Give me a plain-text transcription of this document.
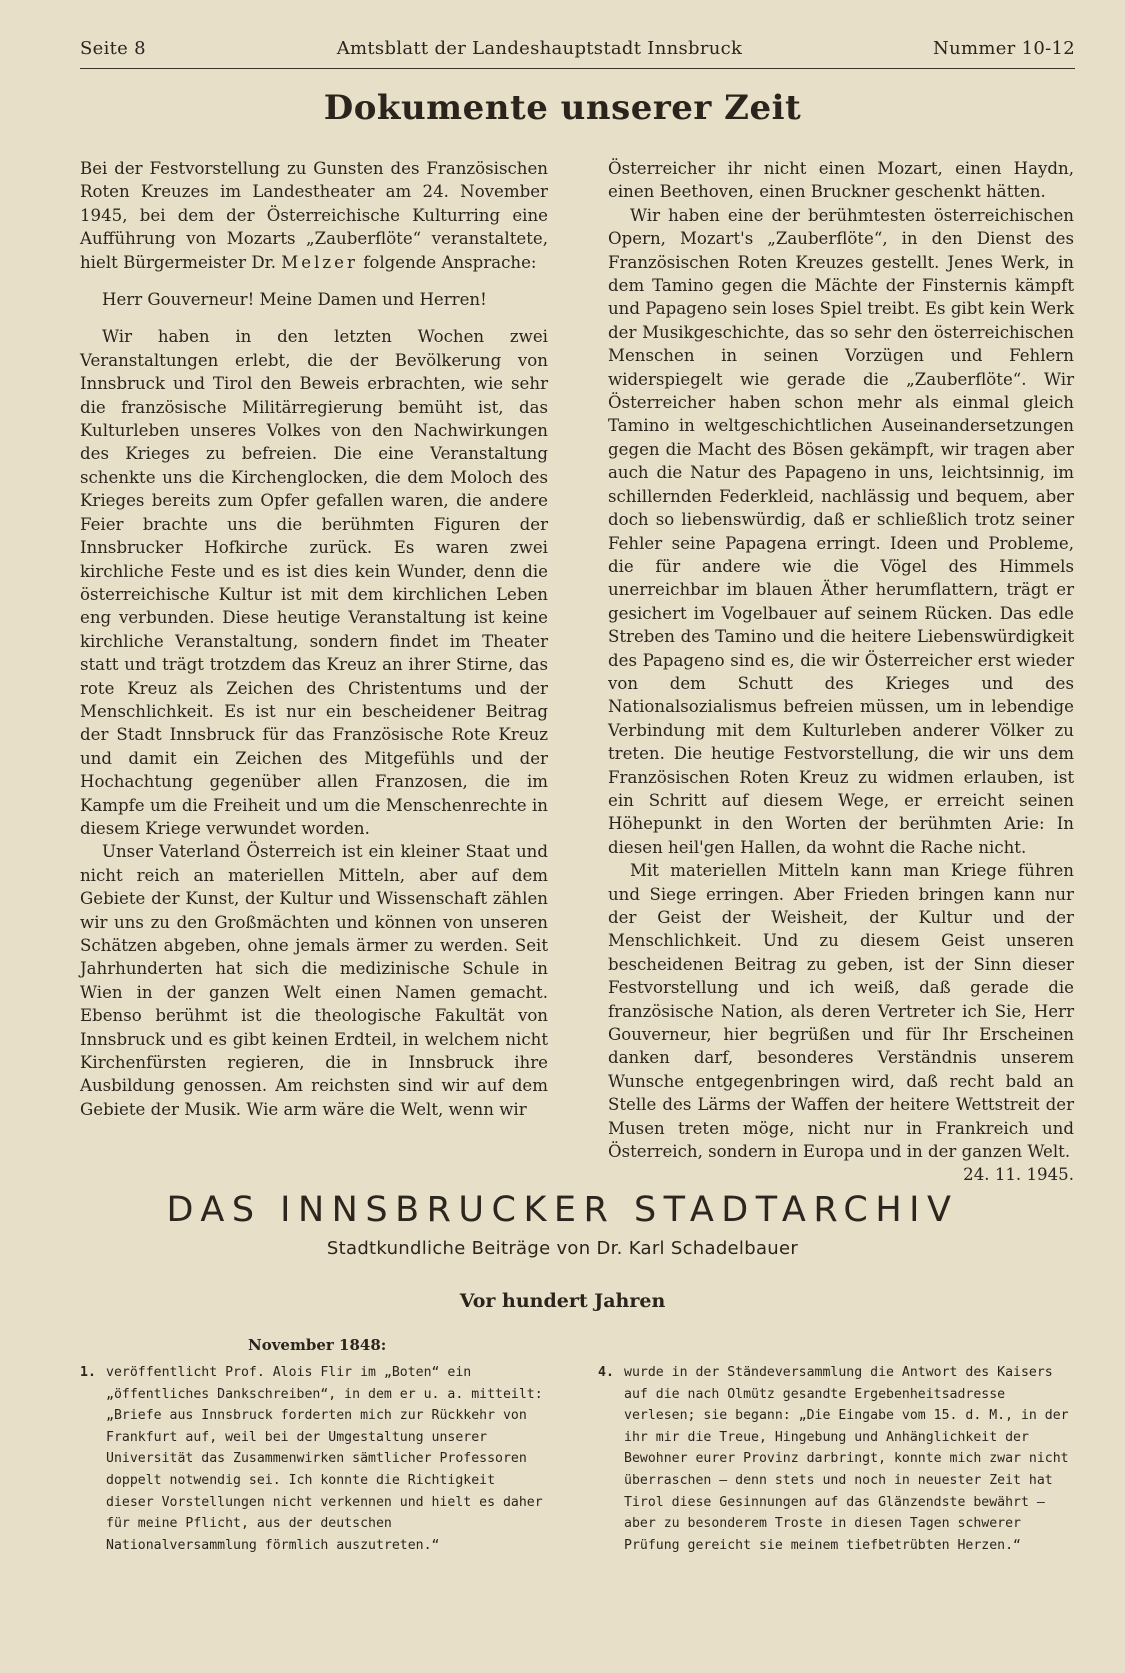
Seite 8	Amtsblatt der Landeshauptstadt Innsbruck	Nummer 10-12
Dokumente unserer Zeit

Bei der Festvorstellung zu Gunsten des Französischen Roten Kreuzes im Landestheater am 24. November 1945, bei dem der Österreichische Kulturring eine Aufführung von Mozarts „Zauberflöte“ veranstaltete, hielt Bürgermeister Dr. Melzer folgende Ansprache:

Herr Gouverneur! Meine Damen und Herren!

Wir haben in den letzten Wochen zwei Veranstaltungen erlebt, die der Bevölkerung von Innsbruck und Tirol den Beweis erbrachten, wie sehr die französische Militärregierung bemüht ist, das Kulturleben unseres Volkes von den Nachwirkungen des Krieges zu befreien. Die eine Veranstaltung schenkte uns die Kirchenglocken, die dem Moloch des Krieges bereits zum Opfer gefallen waren, die andere Feier brachte uns die berühmten Figuren der Innsbrucker Hofkirche zurück. Es waren zwei kirchliche Feste und es ist dies kein Wunder, denn die österreichische Kultur ist mit dem kirchlichen Leben eng verbunden. Diese heutige Veranstaltung ist keine kirchliche Veranstaltung, sondern findet im Theater statt und trägt trotzdem das Kreuz an ihrer Stirne, das rote Kreuz als Zeichen des Christentums und der Menschlichkeit. Es ist nur ein bescheidener Beitrag der Stadt Innsbruck für das Französische Rote Kreuz und damit ein Zeichen des Mitgefühls und der Hochachtung gegenüber allen Franzosen, die im Kampfe um die Freiheit und um die Menschenrechte in diesem Kriege verwundet worden.

Unser Vaterland Österreich ist ein kleiner Staat und nicht reich an materiellen Mitteln, aber auf dem Gebiete der Kunst, der Kultur und Wissenschaft zählen wir uns zu den Großmächten und können von unseren Schätzen abgeben, ohne jemals ärmer zu werden. Seit Jahrhunderten hat sich die medizinische Schule in Wien in der ganzen Welt einen Namen gemacht. Ebenso berühmt ist die theologische Fakultät von Innsbruck und es gibt keinen Erdteil, in welchem nicht Kirchenfürsten regieren, die in Innsbruck ihre Ausbildung genossen. Am reichsten sind wir auf dem Gebiete der Musik. Wie arm wäre die Welt, wenn wir

Österreicher ihr nicht einen Mozart, einen Haydn, einen Beethoven, einen Bruckner geschenkt hätten.

Wir haben eine der berühmtesten österreichischen Opern, Mozart's „Zauberflöte“, in den Dienst des Französischen Roten Kreuzes gestellt. Jenes Werk, in dem Tamino gegen die Mächte der Finsternis kämpft und Papageno sein loses Spiel treibt. Es gibt kein Werk der Musikgeschichte, das so sehr den österreichischen Menschen in seinen Vorzügen und Fehlern widerspiegelt wie gerade die „Zauberflöte“. Wir Österreicher haben schon mehr als einmal gleich Tamino in weltgeschichtlichen Auseinandersetzungen gegen die Macht des Bösen gekämpft, wir tragen aber auch die Natur des Papageno in uns, leichtsinnig, im schillernden Federkleid, nachlässig und bequem, aber doch so liebenswürdig, daß er schließlich trotz seiner Fehler seine Papagena erringt. Ideen und Probleme, die für andere wie die Vögel des Himmels unerreichbar im blauen Äther herumflattern, trägt er gesichert im Vogelbauer auf seinem Rücken. Das edle Streben des Tamino und die heitere Liebenswürdigkeit des Papageno sind es, die wir Österreicher erst wieder von dem Schutt des Krieges und des Nationalsozialismus befreien müssen, um in lebendige Verbindung mit dem Kulturleben anderer Völker zu treten. Die heutige Festvorstellung, die wir uns dem Französischen Roten Kreuz zu widmen erlauben, ist ein Schritt auf diesem Wege, er erreicht seinen Höhepunkt in den Worten der berühmten Arie: In diesen heil'gen Hallen, da wohnt die Rache nicht.

Mit materiellen Mitteln kann man Kriege führen und Siege erringen. Aber Frieden bringen kann nur der Geist der Weisheit, der Kultur und der Menschlichkeit. Und zu diesem Geist unseren bescheidenen Beitrag zu geben, ist der Sinn dieser Festvorstellung und ich weiß, daß gerade die französische Nation, als deren Vertreter ich Sie, Herr Gouverneur, hier begrüßen und für Ihr Erscheinen danken darf, besonderes Verständnis unserem Wunsche entgegenbringen wird, daß recht bald an Stelle des Lärms der Waffen der heitere Wettstreit der Musen treten möge, nicht nur in Frankreich und Österreich, sondern in Europa und in der ganzen Welt.
24. 11. 1945.

DAS INNSBRUCKER STADTARCHIV
Stadtkundliche Beiträge von Dr. Karl Schadelbauer
Vor hundert Jahren
November 1848:
1. veröffentlicht Prof. Alois Flir im „Boten“ ein „öffentliches Dankschreiben“, in dem er u. a. mitteilt: „Briefe aus Innsbruck forderten mich zur Rückkehr von Frankfurt auf, weil bei der Umgestaltung unserer Universität das Zusammenwirken sämtlicher Professoren doppelt notwendig sei. Ich konnte die Richtigkeit dieser Vorstellungen nicht verkennen und hielt es daher für meine Pflicht, aus der deutschen Nationalversammlung förmlich auszutreten.“
4. wurde in der Ständeversammlung die Antwort des Kaisers auf die nach Olmütz gesandte Ergebenheitsadresse verlesen; sie begann: „Die Eingabe vom 15. d. M., in der ihr mir die Treue, Hingebung und Anhänglichkeit der Bewohner eurer Provinz darbringt, konnte mich zwar nicht überraschen — denn stets und noch in neuester Zeit hat Tirol diese Gesinnungen auf das Glänzendste bewährt — aber zu besonderem Troste in diesen Tagen schwerer Prüfung gereicht sie meinem tiefbetrübten Herzen.“
